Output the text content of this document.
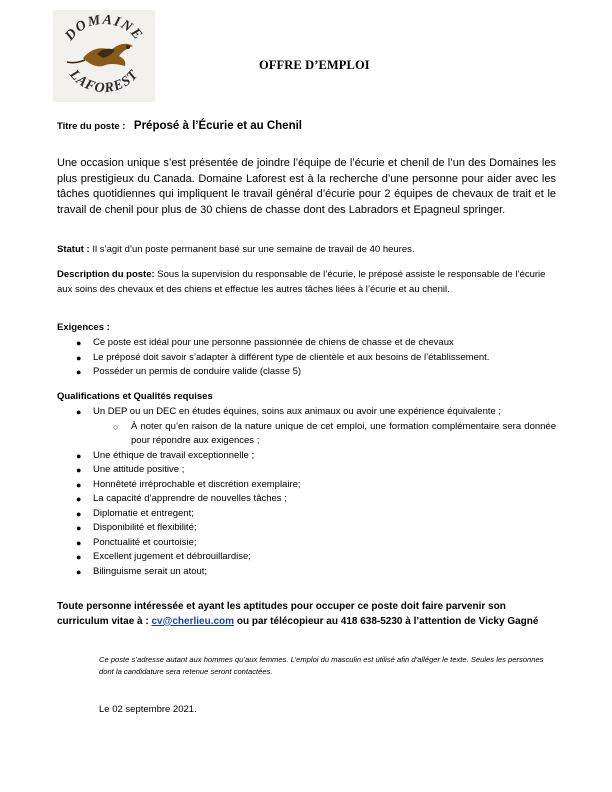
DOMAINE
LAFOREST
OFFRE D’EMPLOI
Titre du poste : Préposé à l’Écurie et au Chenil

Une occasion unique s’est présentée de joindre l’équipe de l’écurie et chenil de l’un des Domaines les plus prestigieux du Canada. Domaine Laforest est à la recherche d’une personne pour aider avec les tâches quotidiennes qui impliquent le travail général d’écurie pour 2 équipes de chevaux de trait et le travail de chenil pour plus de 30 chiens de chasse dont des Labradors et Epagneul springer.

Statut : Il s’agit d’un poste permanent basé sur une semaine de travail de 40 heures.

Description du poste: Sous la supervision du responsable de l’écurie, le préposé assiste le responsable de l’écurie aux soins des chevaux et des chiens et effectue les autres tâches liées à l’écurie et au chenil.

Exigences :

● Ce poste est idéal pour une personne passionnée de chiens de chasse et de chevaux
● Le préposé doit savoir s’adapter à différent type de clientèle et aux besoins de l’établissement.
● Posséder un permis de conduire valide (classe 5)

Qualifications et Qualités requises

● Un DEP ou un DEC en études équines, soins aux animaux ou avoir une expérience équivalente ;
○ À noter qu’en raison de la nature unique de cet emploi, une formation complémentaire sera donnée pour répondre aux exigences ;
● Une éthique de travail exceptionnelle ;
● Une attitude positive ;
● Honnêteté irréprochable et discrétion exemplaire;
● La capacité d’apprendre de nouvelles tâches ;
● Diplomatie et entregent;
● Disponibilité et flexibilité;
● Ponctualité et courtoisie;
● Excellent jugement et débrouillardise;
● Bilinguisme serait un atout;

Toute personne intéressée et ayant les aptitudes pour occuper ce poste doit faire parvenir son curriculum vitae à : cv@cherlieu.com ou par télécopieur au 418 638-5230 à l’attention de Vicky Gagné

Ce poste s’adresse autant aux hommes qu’aux femmes. L’emploi du masculin est utilisé afin d’alléger le texte. Seules les personnes dont la candidature sera retenue seront contactées.

Le 02 septembre 2021.
